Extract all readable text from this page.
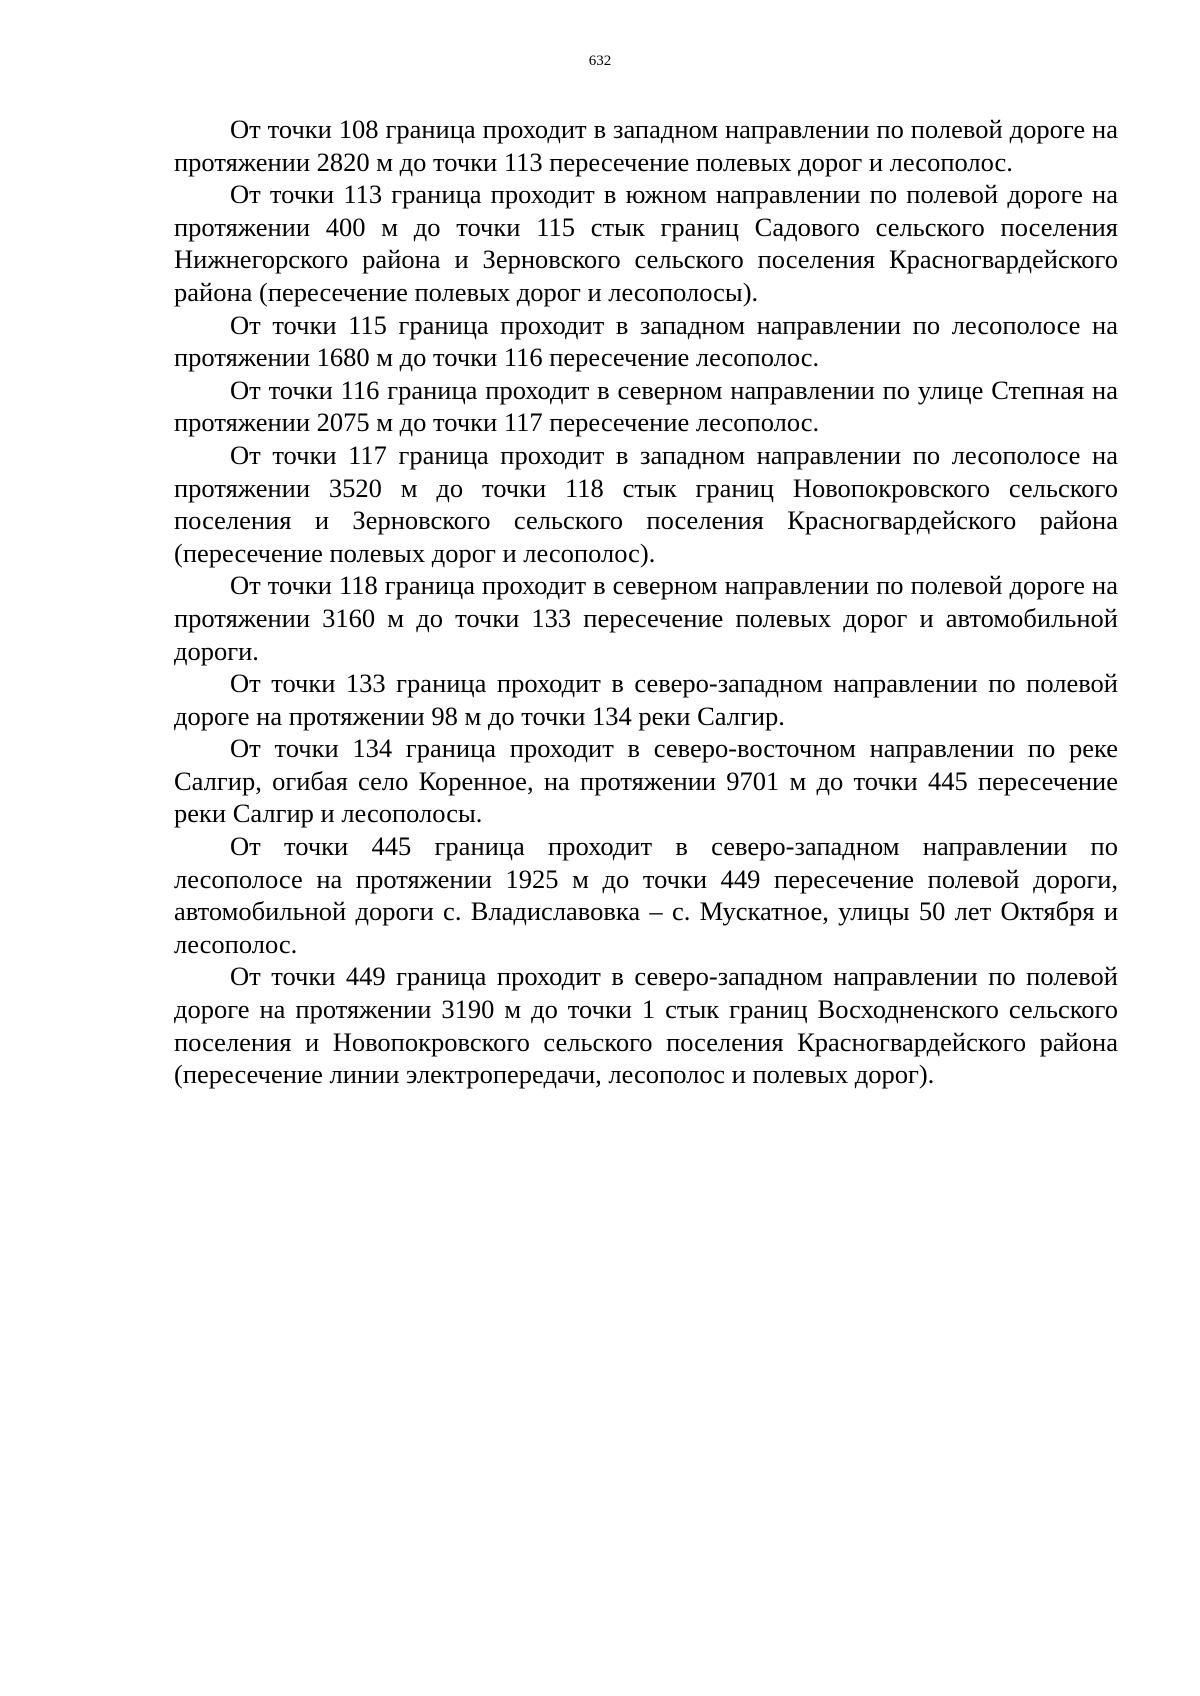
632

От точки 108 граница проходит в западном направлении по полевой дороге на протяжении 2820 м до точки 113 пересечение полевых дорог и лесополос.

От точки 113 граница проходит в южном направлении по полевой дороге на протяжении 400 м до точки 115 стык границ Садового сельского поселения Нижнегорского района и Зерновского сельского поселения Красногвардейского района (пересечение полевых дорог и лесополосы).

От точки 115 граница проходит в западном направлении по лесополосе на протяжении 1680 м до точки 116 пересечение лесополос.

От точки 116 граница проходит в северном направлении по улице Степная на протяжении 2075 м до точки 117 пересечение лесополос.

От точки 117 граница проходит в западном направлении по лесополосе на протяжении 3520 м до точки 118 стык границ Новопокровского сельского поселения и Зерновского сельского поселения Красногвардейского района (пересечение полевых дорог и лесополос).

От точки 118 граница проходит в северном направлении по полевой дороге на протяжении 3160 м до точки 133 пересечение полевых дорог и автомобильной дороги.

От точки 133 граница проходит в северо-западном направлении по полевой дороге на протяжении 98 м до точки 134 реки Салгир.

От точки 134 граница проходит в северо-восточном направлении по реке Салгир, огибая село Коренное, на протяжении 9701 м до точки 445 пересечение реки Салгир и лесополосы.

От точки 445 граница проходит в северо-западном направлении по лесополосе на протяжении 1925 м до точки 449 пересечение полевой дороги, автомобильной дороги с. Владиславовка – с. Мускатное, улицы 50 лет Октября и лесополос.

От точки 449 граница проходит в северо-западном направлении по полевой дороге на протяжении 3190 м до точки 1 стык границ Восходненского сельского поселения и Новопокровского сельского поселения Красногвардейского района (пересечение линии электропередачи, лесополос и полевых дорог).
